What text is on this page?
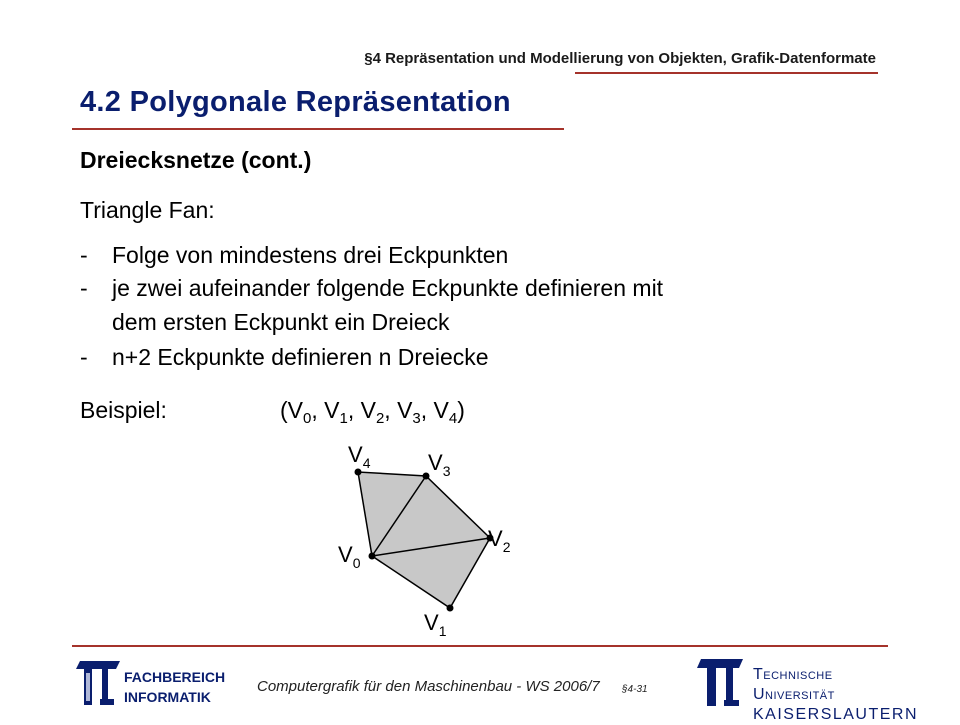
§4 Repräsentation und Modellierung von Objekten, Grafik-Datenformate
4.2 Polygonale Repräsentation
Dreiecksnetze (cont.)
Triangle Fan:
- Folge von mindestens drei Eckpunkten
- je zwei aufeinander folgende Eckpunkte definieren mit
dem ersten Eckpunkt ein Dreieck
- n+2 Eckpunkte definieren n Dreiecke
Beispiel:	($V_0$, $V_1$, $V_2$, $V_3$, $V_4$)
$V_0$
$V_1$
$V_2$
$V_3$
$V_4$
FACHBEREICH
INFORMATIK
Computergrafik für den Maschinenbau - WS 2006/7 §4-31
Technische Universität
KAISERSLAUTERN
